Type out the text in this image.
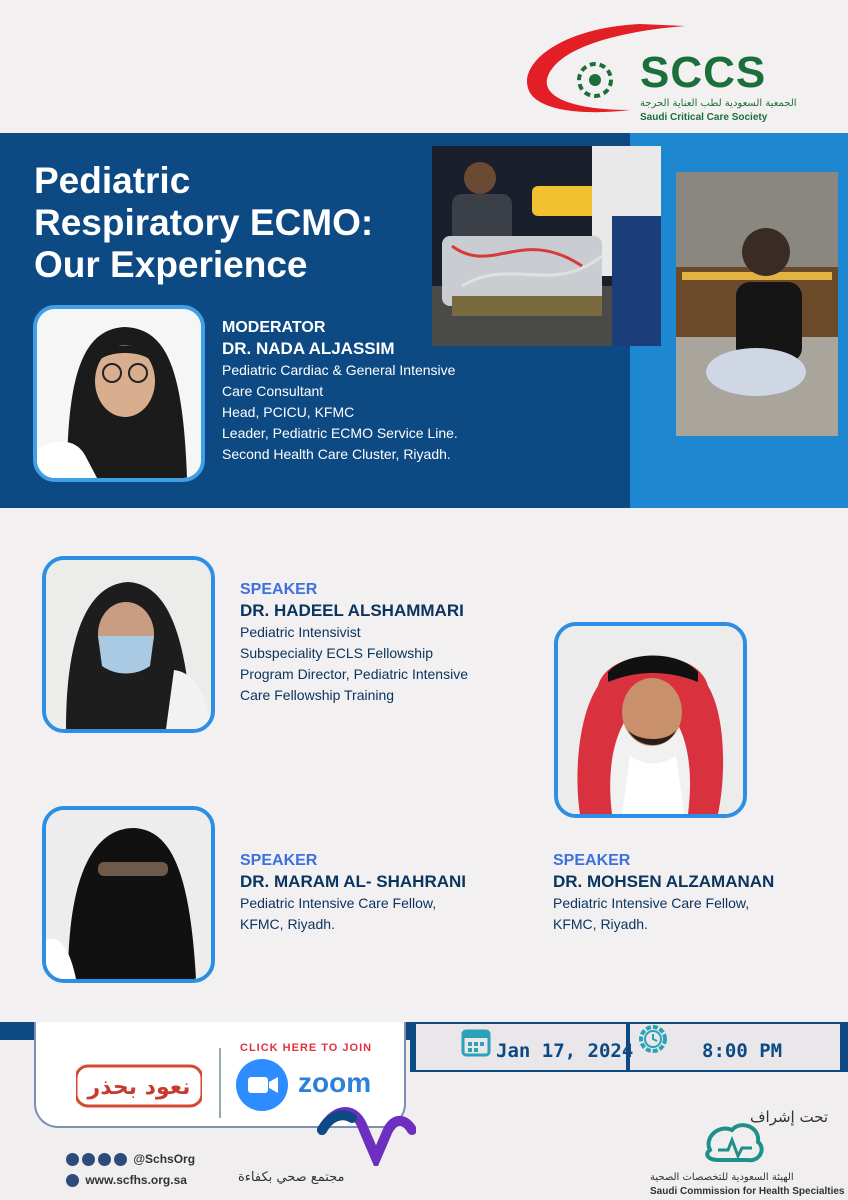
SCCS
الجمعية السعودية لطب العناية الحرجة
Saudi Critical Care Society
Pediatric
Respiratory ECMO:
Our Experience
MODERATOR
DR. NADA ALJASSIM
Pediatric Cardiac & General Intensive
Care Consultant
Head, PCICU, KFMC
Leader, Pediatric ECMO Service Line.
Second Health Care Cluster, Riyadh.
SPEAKER
DR. HADEEL ALSHAMMARI
Pediatric Intensivist
Subspeciality ECLS Fellowship
Program Director, Pediatric Intensive
Care Fellowship Training
SPEAKER
DR. MARAM AL- SHAHRANI
Pediatric Intensive Care Fellow,
KFMC, Riyadh.
SPEAKER
DR. MOHSEN ALZAMANAN
Pediatric Intensive Care Fellow,
KFMC, Riyadh.
Jan 17, 2024	8:00 PM
CLICK HERE TO JOIN
نعود بحذر	zoom
@SchsOrg
www.scfhs.org.sa	مجتمع صحي بكفاءة
تحت إشراف
الهيئة السعودية للتخصصات الصحية
Saudi Commission for Health Specialties
